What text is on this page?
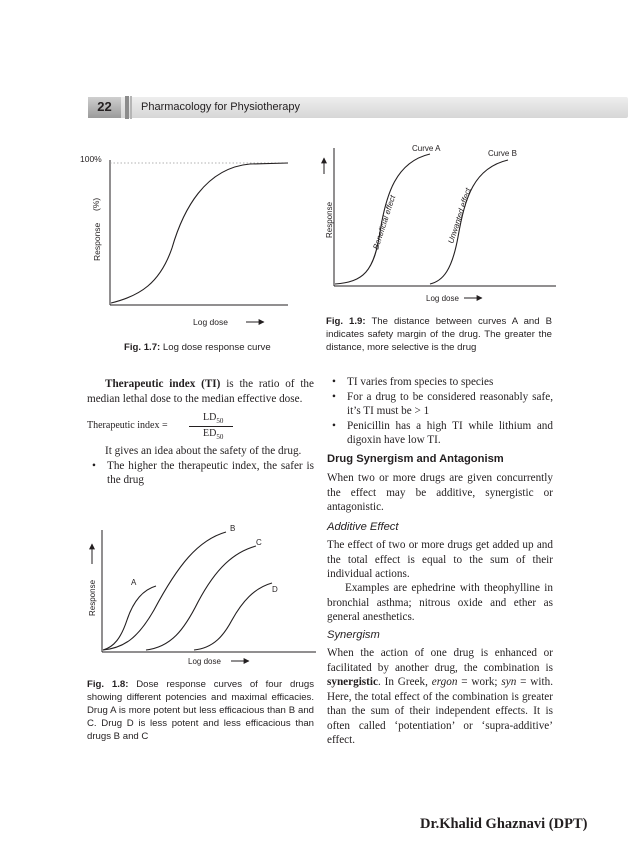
22	Pharmacology for Physiotherapy
100%
(%)
Response
Log dose
Fig. 1.7: Log dose response curve
Curve A
Curve B
Beneficial effect	Unwanted effect
Response
Log dose
Fig. 1.9: The distance between curves A and B indicates safety margin of the drug. The greater the distance, more selective is the drug
Therapeutic index (TI) is the ratio of the median lethal dose to the median effective dose.
Therapeutic index =
$LD_{50}$
$ED_{50}$
It gives an idea about the safety of the drug.
• The higher the therapeutic index, the safer is the drug
A
B
C
D
Response
Log dose
Fig. 1.8: Dose response curves of four drugs showing different potencies and maximal efficacies. Drug A is more potent but less efficacious than B and C. Drug D is less potent and less efficacious than drugs B and C
• TI varies from species to species
• For a drug to be considered reasonably safe, it’s TI must be > 1
• Penicillin has a high TI while lithium and digoxin have low TI.
Drug Synergism and Antagonism
When two or more drugs are given concurrently the effect may be additive, synergistic or antagonistic.
Additive Effect
The effect of two or more drugs get added up and the total effect is equal to the sum of their individual actions.
Examples are ephedrine with theophylline in bronchial asthma; nitrous oxide and ether as general anesthetics.
Synergism
When the action of one drug is enhanced or facilitated by another drug, the combination is synergistic. In Greek, ergon = work; syn = with. Here, the total effect of the combination is greater than the sum of their independent effects. It is often called ‘potentiation’ or ‘supra-additive’ effect.
Dr.Khalid Ghaznavi (DPT)
